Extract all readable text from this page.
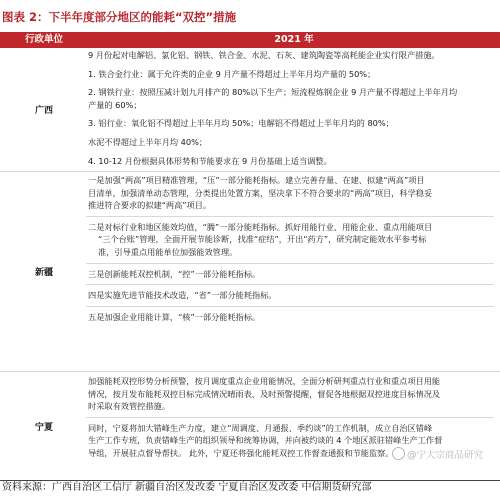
图表 2：下半年度部分地区的能耗“双控”措施
行政单位	2021 年
广西
9 月份起对电解铝、氯化铝、钢铁、铁合金、水泥、石灰、建筑陶瓷等高耗能企业实行限产措施。
1. 铁合金行业：属于允许类的企业 9 月产量不得超过上半年月均产量的 50%；
2. 钢铁行业：按照压减计划九月排产的 80%以下生产；短流程炼钢企业 9 月产量不得超过上半年月均
产量的 60%；
3. 铝行业：氧化铝不得超过上半年月均 50%；电解铝不得超过上半年月均的 80%；
水泥不得超过上半年月均 40%；
4. 10-12 月份根据具体形势和节能要求在 9 月份基础上适当调整。
新疆
一是加强“两高”项目精准管理，“压”一部分能耗指标。建立完善存量、在建、拟建“两高”项目
目清单，加强清单动态管理，分类提出处置方案，坚决拿下不符合要求的“两高”项目，科学稳妥
推进符合要求的拟建“两高”项目。
二是对标行业和地区能效均值，“腾”一部分能耗指标。抓好用能行业、用能企业、重点用能项目
“三个台账”管理，全面开展节能诊断，找准“症结”，开出“药方”，研究制定能效水平参考标
准，引导重点用能单位加强能效管理。
三是创新能耗双控机制，“控”一部分能耗指标。
四是实施先进节能技术改造，“省”一部分能耗指标。
五是加强企业用能计算，“核”一部分能耗指标。
宁夏
加强能耗双控形势分析预警，按月调度重点企业用能情况，全面分析研判重点行业和重点项目用能
情况，按月发布能耗双控目标完成情况晴雨表，及时预警提醒，督促各地根据双控进度目标情况及
时采取有效管控措施。
同时，宁夏将加大错峰生产力度，建立“周调度、月通报、季约谈”的工作机制，成立自治区错峰
生产工作专班，负责错峰生产的组织领导和统筹协调，并向被约谈的 4 个地区派驻错峰生产工作督
导组，开展驻点督导帮扶。 此外，宁夏还将强化能耗双控工作督查通报和节能监察。	@宁大宗商品研究
资料来源：广西自治区工信厅 新疆自治区发改委 宁夏自治区发改委 中信期货研究部
